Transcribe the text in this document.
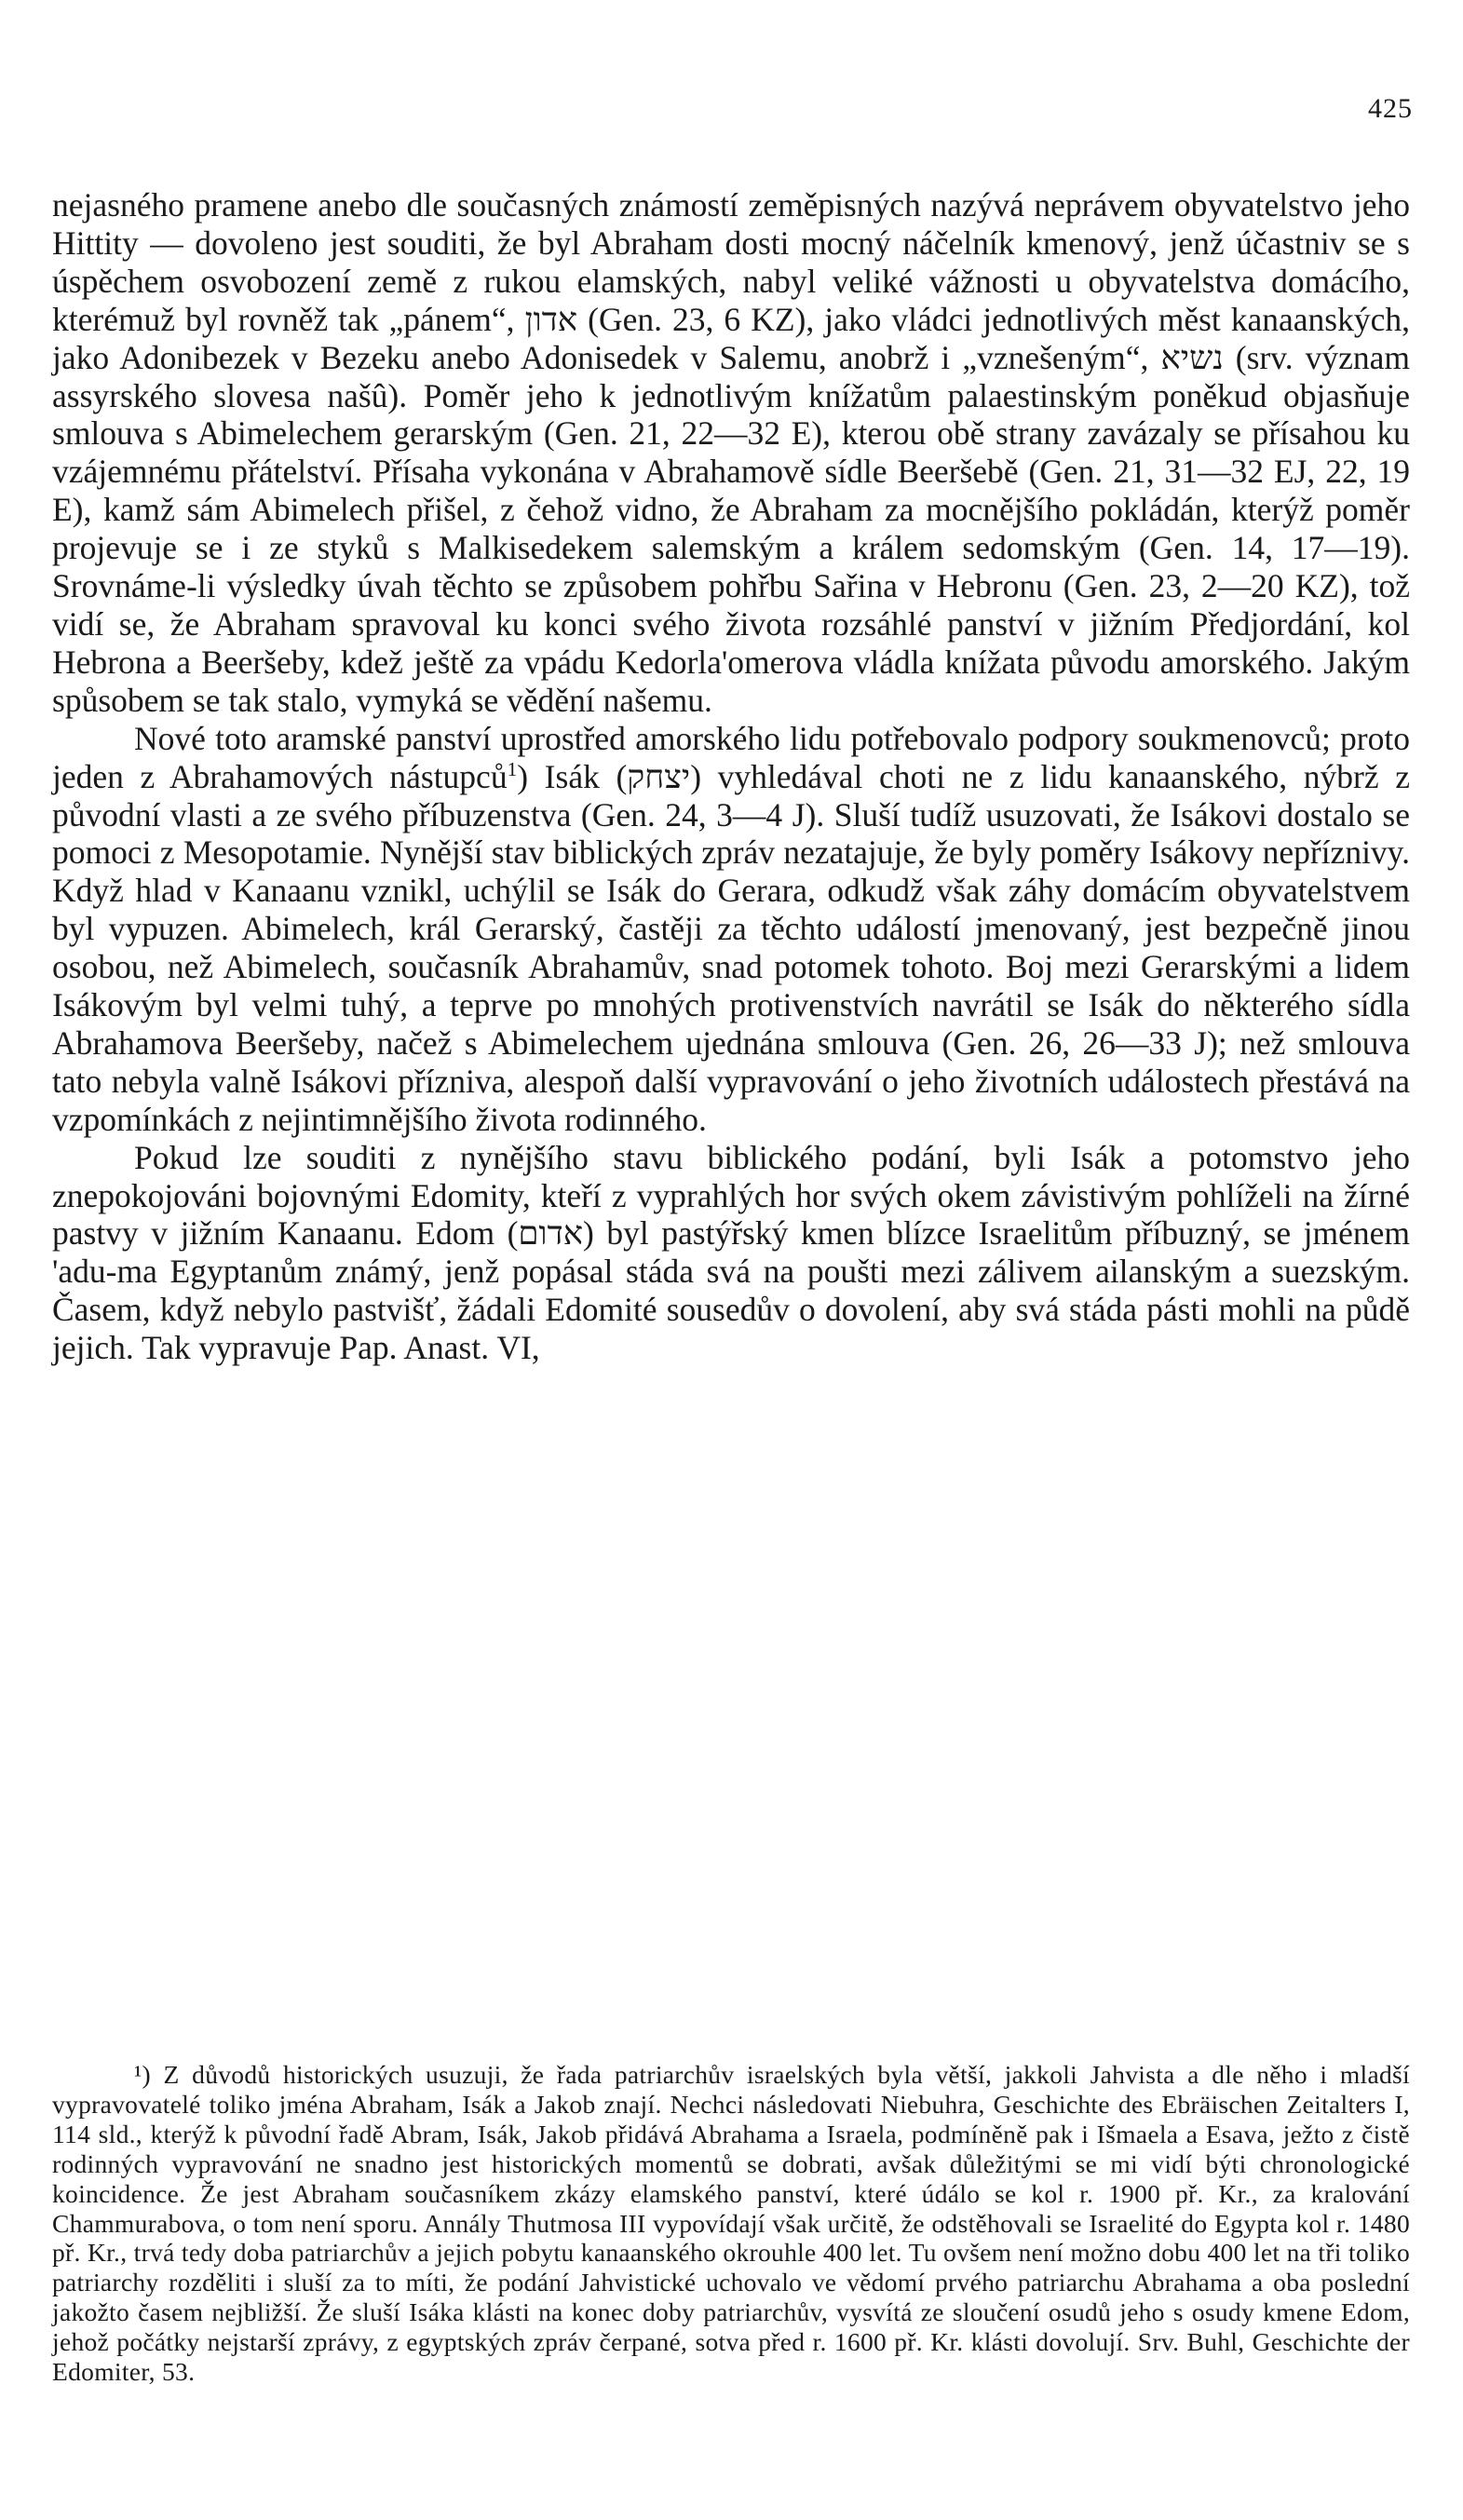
425

nejasného pramene anebo dle současných známostí zeměpisných nazývá neprávem obyvatelstvo jeho Hittity — dovoleno jest souditi, že byl Abraham dosti mocný náčelník kmenový, jenž účastniv se s úspěchem osvobození země z rukou elamských, nabyl veliké vážnosti u obyvatelstva domácího, kterémuž byl rovněž tak „pánem“, אדון (Gen. 23, 6 KZ), jako vládci jednotlivých měst kanaanských, jako Adonibezek v Bezeku anebo Adonisedek v Salemu, anobrž i „vznešeným“, נשיא (srv. význam assyrského slovesa našû). Poměr jeho k jednotlivým knížatům palaestinským poněkud objasňuje smlouva s Abimelechem gerarským (Gen. 21, 22—32 E), kterou obě strany zavázaly se přísahou ku vzájemnému přátelství. Přísaha vykonána v Abrahamově sídle Beeršebě (Gen. 21, 31—32 EJ, 22, 19 E), kamž sám Abimelech přišel, z čehož vidno, že Abraham za mocnějšího pokládán, kterýž poměr projevuje se i ze styků s Malkisedekem salemským a králem sedomským (Gen. 14, 17—19). Srovnáme-li výsledky úvah těchto se způsobem pohřbu Sařina v Hebronu (Gen. 23, 2—20 KZ), tož vidí se, že Abraham spravoval ku konci svého života rozsáhlé panství v jižním Předjordání, kol Hebrona a Beeršeby, kdež ještě za vpádu Kedorla'omerova vládla knížata původu amorského. Jakým spůsobem se tak stalo, vymyká se vědění našemu.

Nové toto aramské panství uprostřed amorského lidu potřebovalo podpory soukmenovců; proto jeden z Abrahamových nástupců$^1$) Isák (יצחק) vyhledával choti ne z lidu kanaanského, nýbrž z původní vlasti a ze svého příbuzenstva (Gen. 24, 3—4 J). Sluší tudíž usuzovati, že Isákovi dostalo se pomoci z Mesopotamie. Nynější stav biblických zpráv nezatajuje, že byly poměry Isákovy nepříznivy. Když hlad v Kanaanu vznikl, uchýlil se Isák do Gerara, odkudž však záhy domácím obyvatelstvem byl vypuzen. Abimelech, král Gerarský, častěji za těchto událostí jmenovaný, jest bezpečně jinou osobou, než Abimelech, současník Abrahamův, snad potomek tohoto. Boj mezi Gerarskými a lidem Isákovým byl velmi tuhý, a teprve po mnohých protivenstvích navrátil se Isák do některého sídla Abrahamova Beeršeby, načež s Abimelechem ujednána smlouva (Gen. 26, 26—33 J); než smlouva tato nebyla valně Isákovi přízniva, alespoň další vypravování o jeho životních událostech přestává na vzpomínkách z nejintimnějšího života rodinného.

Pokud lze souditi z nynějšího stavu biblického podání, byli Isák a potomstvo jeho znepokojováni bojovnými Edomity, kteří z vyprahlých hor svých okem závistivým pohlíželi na žírné pastvy v jižním Kanaanu. Edom (אדום) byl pastýřský kmen blízce Israelitům příbuzný, se jménem 'adu-ma Egyptanům známý, jenž popásal stáda svá na poušti mezi zálivem ailanským a suezským. Časem, když nebylo pastvišť, žádali Edomité sousedův o dovolení, aby svá stáda pásti mohli na půdě jejich. Tak vypravuje Pap. Anast. VI,

¹) Z důvodů historických usuzuji, že řada patriarchův israelských byla větší, jakkoli Jahvista a dle něho i mladší vypravovatelé toliko jména Abraham, Isák a Jakob znají. Nechci následovati Niebuhra, Geschichte des Ebräischen Zeitalters I, 114 sld., kterýž k původní řadě Abram, Isák, Jakob přidává Abrahama a Israela, podmíněně pak i Išmaela a Esava, ježto z čistě rodinných vypravování ne snadno jest historických momentů se dobrati, avšak důležitými se mi vidí býti chronologické koincidence. Že jest Abraham současníkem zkázy elamského panství, které údálo se kol r. 1900 př. Kr., za kralování Chammurabova, o tom není sporu. Annály Thutmosa III vypovídají však určitě, že odstěhovali se Israelité do Egypta kol r. 1480 př. Kr., trvá tedy doba patriarchův a jejich pobytu kanaanského okrouhle 400 let. Tu ovšem není možno dobu 400 let na tři toliko patriarchy rozděliti i sluší za to míti, že podání Jahvistické uchovalo ve vědomí prvého patriarchu Abrahama a oba poslední jakožto časem nejbližší. Že sluší Isáka klásti na konec doby patriarchův, vysvítá ze sloučení osudů jeho s osudy kmene Edom, jehož počátky nejstarší zprávy, z egyptských zpráv čerpané, sotva před r. 1600 př. Kr. klásti dovolují. Srv. Buhl, Geschichte der Edomiter, 53.
